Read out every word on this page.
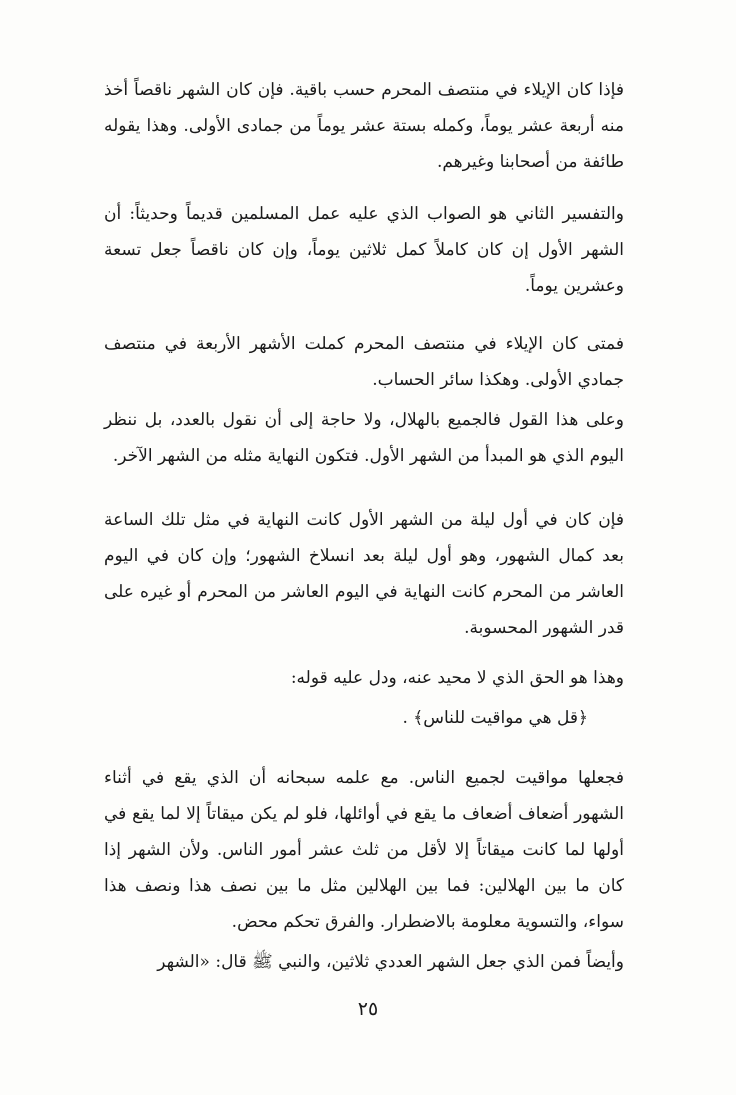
فإذا كان الإيلاء في منتصف المحرم حسب باقية. فإن كان الشهر ناقصاً أخذ منه أربعة عشر يوماً، وكمله بستة عشر يوماً من جمادى الأولى. وهذا يقوله طائفة من أصحابنا وغيرهم.

والتفسير الثاني هو الصواب الذي عليه عمل المسلمين قديماً وحديثاً: أن الشهر الأول إن كان كاملاً كمل ثلاثين يوماً، وإن كان ناقصاً جعل تسعة وعشرين يوماً.

فمتى كان الإيلاء في منتصف المحرم كملت الأشهر الأربعة في منتصف جمادي الأولى. وهكذا سائر الحساب.

وعلى هذا القول فالجميع بالهلال، ولا حاجة إلى أن نقول بالعدد، بل ننظر اليوم الذي هو المبدأ من الشهر الأول. فتكون النهاية مثله من الشهر الآخر.

فإن كان في أول ليلة من الشهر الأول كانت النهاية في مثل تلك الساعة بعد كمال الشهور، وهو أول ليلة بعد انسلاخ الشهور؛ وإن كان في اليوم العاشر من المحرم كانت النهاية في اليوم العاشر من المحرم أو غيره على قدر الشهور المحسوبة.

وهذا هو الحق الذي لا محيد عنه، ودل عليه قوله:

﴿قل هي مواقيت للناس﴾ .

فجعلها مواقيت لجميع الناس. مع علمه سبحانه أن الذي يقع في أثناء الشهور أضعاف أضعاف ما يقع في أوائلها، فلو لم يكن ميقاتاً إلا لما يقع في أولها لما كانت ميقاتاً إلا لأقل من ثلث عشر أمور الناس. ولأن الشهر إذا كان ما بين الهلالين: فما بين الهلالين مثل ما بين نصف هذا ونصف هذا سواء، والتسوية معلومة بالاضطرار. والفرق تحكم محض.

وأيضاً فمن الذي جعل الشهر العددي ثلاثين، والنبي ﷺ قال: «الشهر

٢٥
